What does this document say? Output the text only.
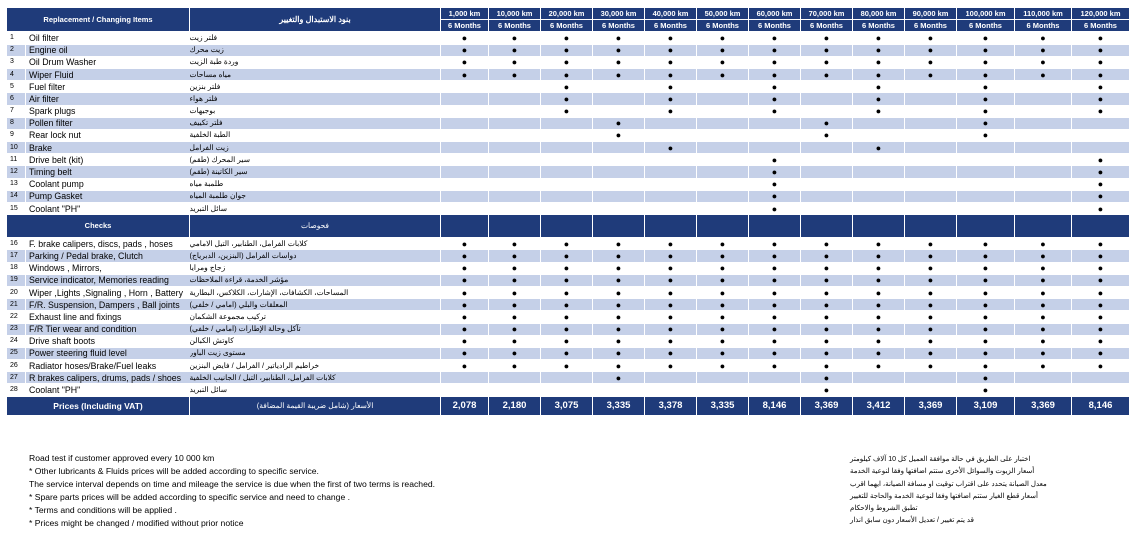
Replacement / Changing Items		بنود الاستبدال والتغيير	1,000 km	10,000 km	20,000 km	30,000 km	40,000 km	50,000 km	60,000 km	70,000 km	80,000 km	90,000 km	100,000 km	110,000 km	120,000 km
			6 Months	6 Months	6 Months	6 Months	6 Months	6 Months	6 Months	6 Months	6 Months	6 Months	6 Months	6 Months	6 Months
1	Oil filter	فلتر زيت	●	●	●	●	●	●	●	●	●	●	●	●	●
2	Engine oil	زيت محرك	●	●	●	●	●	●	●	●	●	●	●	●	●
3	Oil Drum Washer	وردة طبة الزيت	●	●	●	●	●	●	●	●	●	●	●	●	●
4	Wiper Fluid	مياه مساحات	●	●	●	●	●	●	●	●	●	●	●	●	●
5	Fuel filter	فلتر بنزين			●		●		●		●		●		●
6	Air filter	فلتر هواء			●		●		●		●		●		●
7	Spark plugs	بوجيهات			●		●		●		●		●		●
8	Pollen filter	فلتر تكييف				●				●			●		
9	Rear lock nut	الطبة الخلفية				●				●			●		
10	Brake	زيت الفرامل					●				●				
11	Drive belt (kit)	سير المحرك (طقم)							●						●
12	Timing belt	سير الكاتينة (طقم)							●						●
13	Coolant pump	طلمبة مياه							●						●
14	Pump Gasket	جوان طلمبة المياه							●						●
15	Coolant "PH"	سائل التبريد							●						●
Checks		فحوصات													
16	F. brake calipers, discs, pads , hoses	كلابات الفرامل، الطنابير، التيل الامامي	●	●	●	●	●	●	●	●	●	●	●	●	●
17	Parking / Pedal brake, Clutch	دواسات الفرامل (البنزين، الدبرياج)	●	●	●	●	●	●	●	●	●	●	●	●	●
18	Windows , Mirrors,	زجاج ومرايا	●	●	●	●	●	●	●	●	●	●	●	●	●
19	Service indicator, Memories reading	مؤشر الخدمة، قراءة الملاحظات	●	●	●	●	●	●	●	●	●	●	●	●	●
20	Wiper ,Lights ,Signaling , Horn , Battery	المساحات، الكشافات، الإشارات، الكلاكس، البطارية	●	●	●	●	●	●	●	●	●	●	●	●	●
21	F/R. Suspension, Dampers , Ball joints	المعلقات والبلي (امامي / خلفي)	●	●	●	●	●	●	●	●	●	●	●	●	●
22	Exhaust line and fixings	تركيب مجموعة الشكمان	●	●	●	●	●	●	●	●	●	●	●	●	●
23	F/R Tier wear and condition	تآكل وحالة الإطارات (امامي / خلفي)	●	●	●	●	●	●	●	●	●	●	●	●	●
24	Drive shaft boots	كاوتش الكبالن	●	●	●	●	●	●	●	●	●	●	●	●	●
25	Power steering fluid level	مستوى زيت الباور	●	●	●	●	●	●	●	●	●	●	●	●	●
26	Radiator hoses/Brake/Fuel leaks	خراطيم الرادياتير / الفرامل / فايض البنزين	●	●	●	●	●	●	●	●	●	●	●	●	●
27	R brakes calipers, drums, pads / shoes	كلابات الفرامل، الطنابير، التيل / الجانيب الخلفية				●				●			●		
28	Coolant "PH"	سائل التبريد								●			●		
Prices (Including VAT)		الأسعار (شامل ضريبة القيمة المضافة)	2,078	2,180	3,075	3,335	3,378	3,335	8,146	3,369	3,412	3,369	3,109	3,369	8,146
Road test if customer approved every 10 000 km
* Other lubricants & Fluids prices will be added according to specific service.
The service interval depends on time and mileage the service is due when the first of two terms is reached.
* Spare parts prices will be added according to specific service and need to change .
* Terms and conditions will be applied .
* Prices might be changed / modified without prior notice
اختبار على الطريق في حالة موافقة العميل كل 10 آلاف كيلومتر
أسعار الزيوت والسوائل الأخرى ستتم اضافتها وفقا لنوعية الخدمة
معدل الصيانة يتحدد على اقتراب توقيت او مسافة الصيانة، ايهما اقرب
أسعار قطع الغيار ستتم اضافتها وفقا لنوعية الخدمة والحاجة للتغيير
تطبق الشروط والاحكام
قد يتم تغيير / تعديل الأسعار دون سابق انذار
